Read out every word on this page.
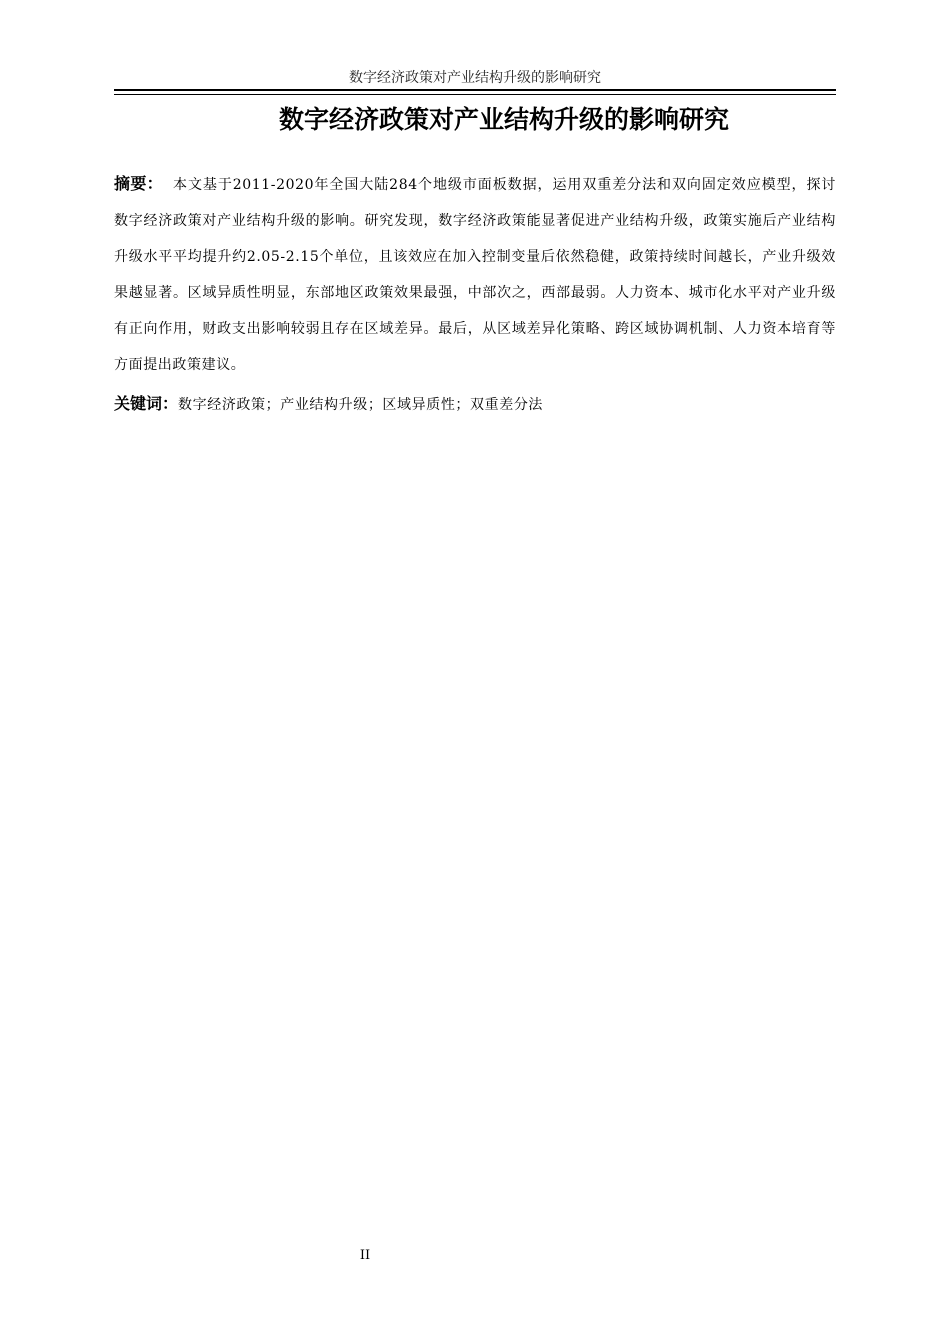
数字经济政策对产业结构升级的影响研究
数字经济政策对产业结构升级的影响研究

摘要： 本文基于2011-2020年全国大陆284个地级市面板数据，运用双重差分法和双向固定效应模型，探讨数字经济政策对产业结构升级的影响。研究发现，数字经济政策能显著促进产业结构升级，政策实施后产业结构升级水平平均提升约2.05-2.15个单位，且该效应在加入控制变量后依然稳健，政策持续时间越长，产业升级效果越显著。区域异质性明显，东部地区政策效果最强，中部次之，西部最弱。人力资本、城市化水平对产业升级有正向作用，财政支出影响较弱且存在区域差异。最后，从区域差异化策略、跨区域协调机制、人力资本培育等方面提出政策建议。

关键词：数字经济政策；产业结构升级；区域异质性；双重差分法

II
